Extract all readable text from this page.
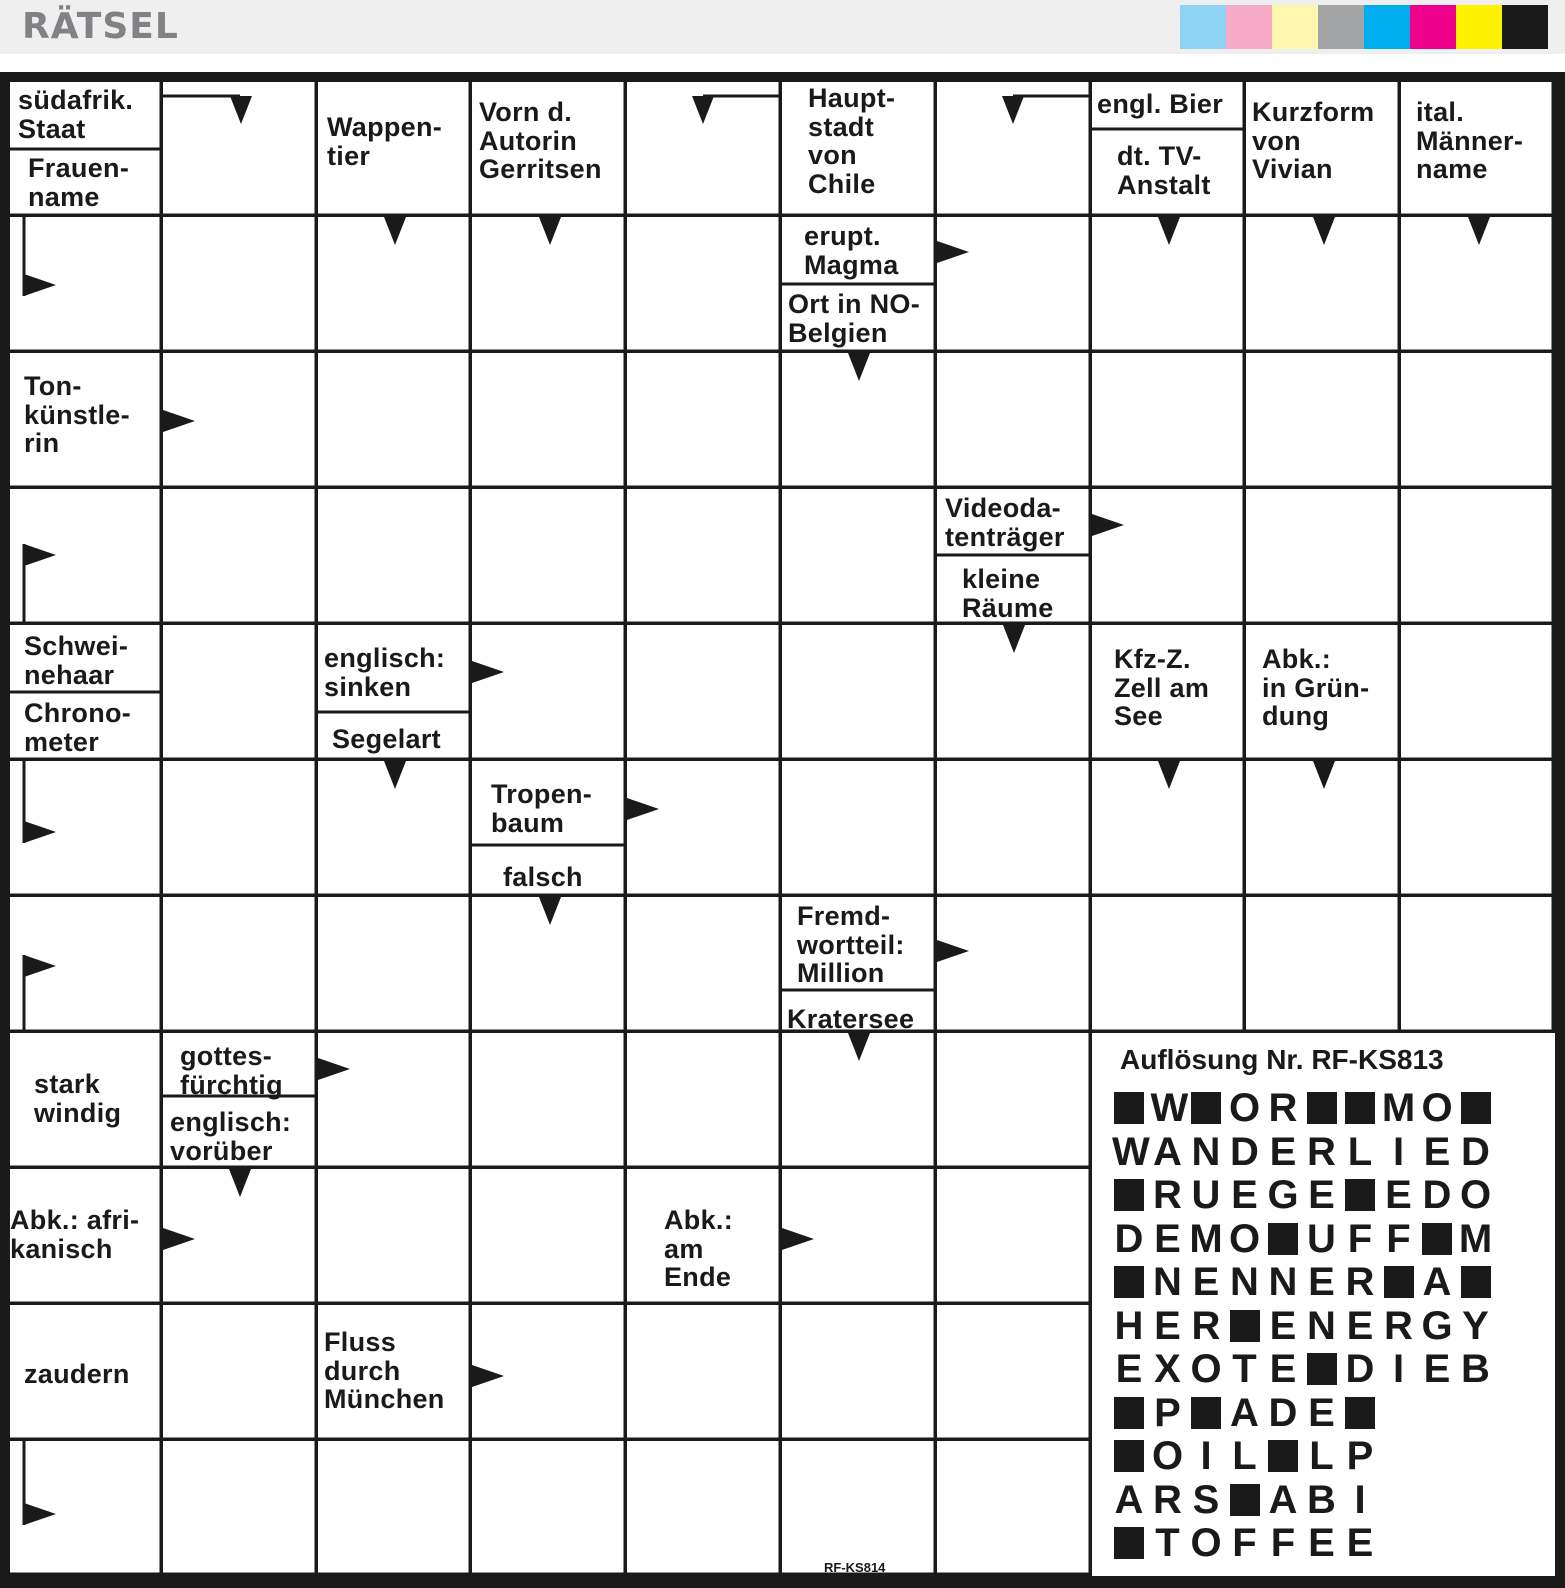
RÄTSEL
südafrik.
Staat
Frauen-
name
Wappen-
tier
Vorn d.
Autorin
Gerritsen
Haupt-
stadt
von
Chile
engl. Bier
dt. TV-
Anstalt
Kurzform
von
Vivian
ital.
Männer-
name
erupt.
Magma
Ort in NO-
Belgien
Ton-
künstle-
rin
Videoda-
tenträger
kleine
Räume
Schwei-
nehaar
Chrono-
meter
englisch:
sinken
Segelart
Kfz-Z.
Zell am
See
Abk.:
in Grün-
dung
Tropen-
baum
falsch
Fremd-
wortteil:
Million
Kratersee
stark
windig
gottes-
fürchtig
englisch:
vorüber
Abk.: afri-
kanisch
Abk.:
am
Ende
zaudern
Fluss
durch
München
Auflösung Nr. RF-KS813
W O R M O
W A N D E R L I E D
R U E G E E D O
D E M O U F F M
N E N N E R A
H E R E N E R G Y
E X O T E D I E B
P A D E
O I L L P
A R S A B I
T O F F E E
RF-KS814
